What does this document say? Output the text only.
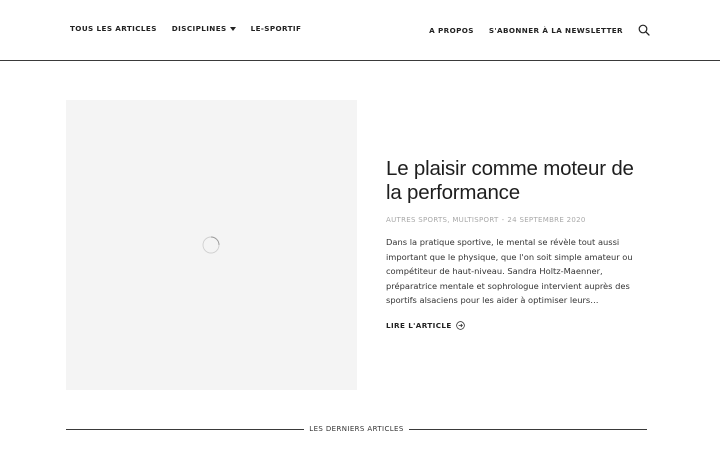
TOUS LES ARTICLES DISCIPLINES	LE-SPORTIF	A PROPOS S'ABONNER À LA NEWSLETTER
Le plaisir comme moteur de la performance
AUTRES SPORTS, MULTISPORT - 24 SEPTEMBRE 2020

Dans la pratique sportive, le mental se révèle tout aussi important que le physique, que l'on soit simple amateur ou compétiteur de haut-niveau. Sandra Holtz-Maenner, préparatrice mentale et sophrologue intervient auprès des sportifs alsaciens pour les aider à optimiser leurs…

LIRE L'ARTICLE
LES DERNIERS ARTICLES
